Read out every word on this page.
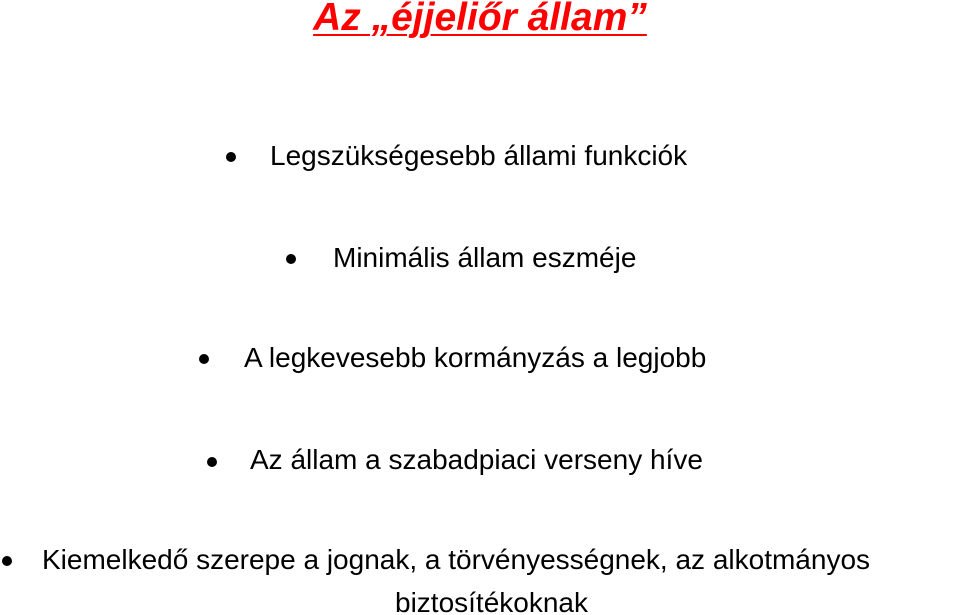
Az „éjjeliőr állam”
Legszükségesebb állami funkciók
Minimális állam eszméje
A legkevesebb kormányzás a legjobb
Az állam a szabadpiaci verseny híve
Kiemelkedő szerepe a jognak, a törvényességnek, az alkotmányos
biztosítékoknak
